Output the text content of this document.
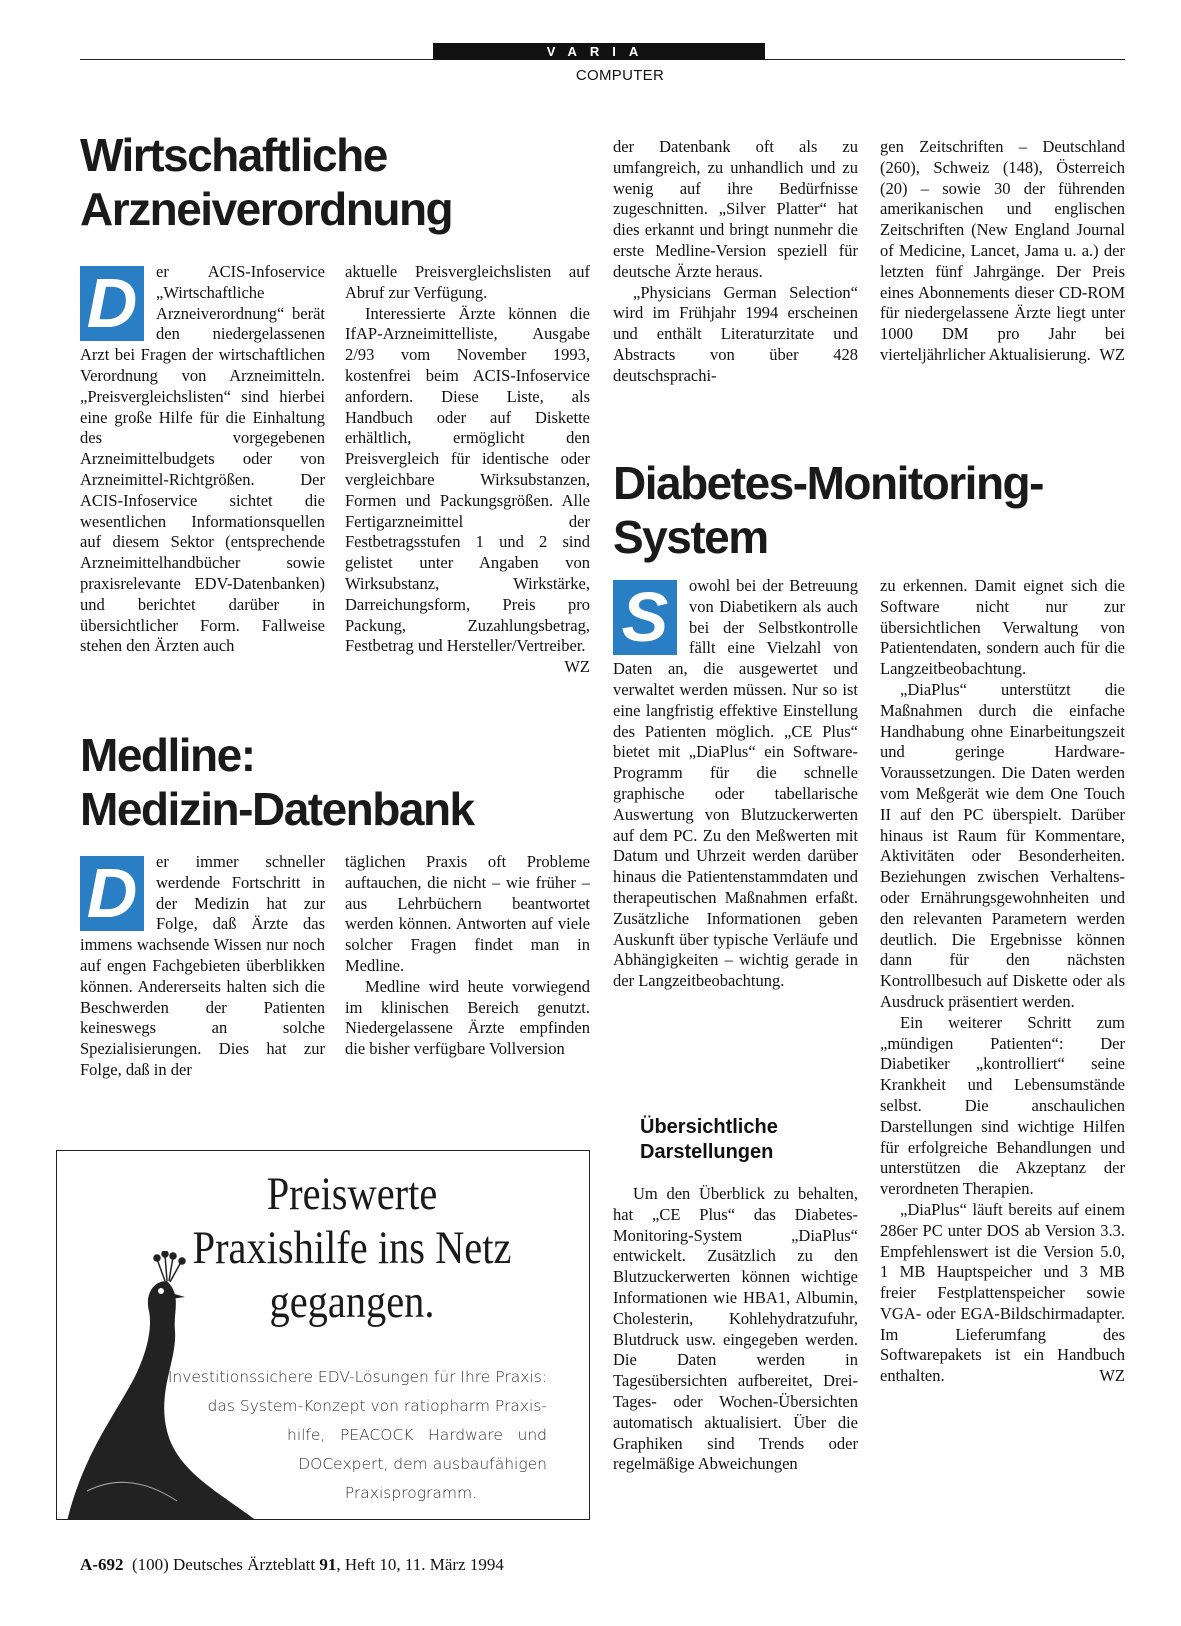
VARIA
COMPUTER
Wirtschaftliche
Arzneiverordnung
D	er ACIS-Infoservice „Wirtschaftliche Arzneiverordnung“ berät den niedergelassenen Arzt bei Fragen der wirtschaftlichen Verordnung von Arzneimitteln. „Preisvergleichslisten“ sind hierbei eine große Hilfe für die Einhaltung des vorgegebenen Arzneimittelbudgets oder von Arzneimittel-Richtgrößen. Der ACIS-Infoservice sichtet die wesentlichen Informationsquellen auf diesem Sektor (entsprechende Arzneimittelhandbücher sowie praxisrelevante EDV-Datenbanken) und berichtet darüber in übersichtlicher Form. Fallweise stehen den Ärzten auch

aktuelle Preisvergleichslisten auf Abruf zur Verfügung.

Interessierte Ärzte können die IfAP-Arzneimittelliste, Ausgabe 2/93 vom November 1993, kostenfrei beim ACIS-Infoservice anfordern. Diese Liste, als Handbuch oder auf Diskette erhältlich, ermöglicht den Preisvergleich für identische oder vergleichbare Wirksubstanzen, Formen und Packungsgrößen. Alle Fertigarzneimittel der Festbetragsstufen 1 und 2 sind gelistet unter Angaben von Wirksubstanz, Wirkstärke, Darreichungsform, Preis pro Packung, Zuzahlungsbetrag, Festbetrag und Hersteller/Vertreiber.
WZ

Medline:
Medizin-Datenbank
D	er immer schneller werdende Fortschritt in der Medizin hat zur Folge, daß Ärzte das immens wachsende Wissen nur noch auf engen Fachgebieten überblikken können. Andererseits halten sich die Beschwerden der Patienten keineswegs an solche Spezialisierungen. Dies hat zur Folge, daß in der

täglichen Praxis oft Probleme auftauchen, die nicht – wie früher – aus Lehrbüchern beantwortet werden können. Antworten auf viele solcher Fragen findet man in Medline.

Medline wird heute vorwiegend im klinischen Bereich genutzt. Niedergelassene Ärzte empfinden die bisher verfügbare Vollversion

der Datenbank oft als zu umfangreich, zu unhandlich und zu wenig auf ihre Bedürfnisse zugeschnitten. „Silver Platter“ hat dies erkannt und bringt nunmehr die erste Medline-Version speziell für deutsche Ärzte heraus.

„Physicians German Selection“ wird im Frühjahr 1994 erscheinen und enthält Literaturzitate und Abstracts von über 428 deutschsprachi-

gen Zeitschriften – Deutschland (260), Schweiz (148), Österreich (20) – sowie 30 der führenden amerikanischen und englischen Zeitschriften (New England Journal of Medicine, Lancet, Jama u. a.) der letzten fünf Jahrgänge. Der Preis eines Abonnements dieser CD-ROM für niedergelassene Ärzte liegt unter 1000 DM pro Jahr bei vierteljährlicher Aktualisierung. WZ

Diabetes-Monitoring-
System
S	owohl bei der Betreuung von Diabetikern als auch bei der Selbstkontrolle fällt eine Vielzahl von Daten an, die ausgewertet und verwaltet werden müssen. Nur so ist eine langfristig effektive Einstellung des Patienten möglich. „CE Plus“ bietet mit „DiaPlus“ ein Software-Programm für die schnelle graphische oder tabellarische Auswertung von Blutzuckerwerten auf dem PC. Zu den Meßwerten mit Datum und Uhrzeit werden darüber hinaus die Patientenstammdaten und therapeutischen Maßnahmen erfaßt. Zusätzliche Informationen geben Auskunft über typische Verläufe und Abhängigkeiten – wichtig gerade in der Langzeitbeobachtung.

Übersichtliche Darstellungen

Um den Überblick zu behalten, hat „CE Plus“ das Diabetes-Monitoring-System „DiaPlus“ entwickelt. Zusätzlich zu den Blutzuckerwerten können wichtige Informationen wie HBA1, Albumin, Cholesterin, Kohlehydratzufuhr, Blutdruck usw. eingegeben werden. Die Daten werden in Tagesübersichten aufbereitet, Drei-Tages- oder Wochen-Übersichten automatisch aktualisiert. Über die Graphiken sind Trends oder regelmäßige Abweichungen

zu erkennen. Damit eignet sich die Software nicht nur zur übersichtlichen Verwaltung von Patientendaten, sondern auch für die Langzeitbeobachtung.

„DiaPlus“ unterstützt die Maßnahmen durch die einfache Handhabung ohne Einarbeitungszeit und geringe Hardware-Voraussetzungen. Die Daten werden vom Meßgerät wie dem One Touch II auf den PC überspielt. Darüber hinaus ist Raum für Kommentare, Aktivitäten oder Besonderheiten. Beziehungen zwischen Verhaltens- oder Ernährungsgewohnheiten und den relevanten Parametern werden deutlich. Die Ergebnisse können dann für den nächsten Kontrollbesuch auf Diskette oder als Ausdruck präsentiert werden.

Ein weiterer Schritt zum „mündigen Patienten“: Der Diabetiker „kontrolliert“ seine Krankheit und Lebensumstände selbst. Die anschaulichen Darstellungen sind wichtige Hilfen für erfolgreiche Behandlungen und unterstützen die Akzeptanz der verordneten Therapien.

„DiaPlus“ läuft bereits auf einem 286er PC unter DOS ab Version 3.3. Empfehlenswert ist die Version 5.0, 1 MB Hauptspeicher und 3 MB freier Festplattenspeicher sowie VGA- oder EGA-Bildschirmadapter. Im Lieferumfang des Softwarepakets ist ein Handbuch enthalten.	WZ

Preiswerte
Praxishilfe ins Netz
gegangen.
Investitionssichere EDV-Lösungen für Ihre Praxis:
das System-Konzept von ratiopharm Praxis-
hilfe, PEACOCK Hardware und
DOCexpert, dem ausbaufähigen
Praxisprogramm.
A-692 (100) Deutsches Ärzteblatt 91, Heft 10, 11. März 1994
